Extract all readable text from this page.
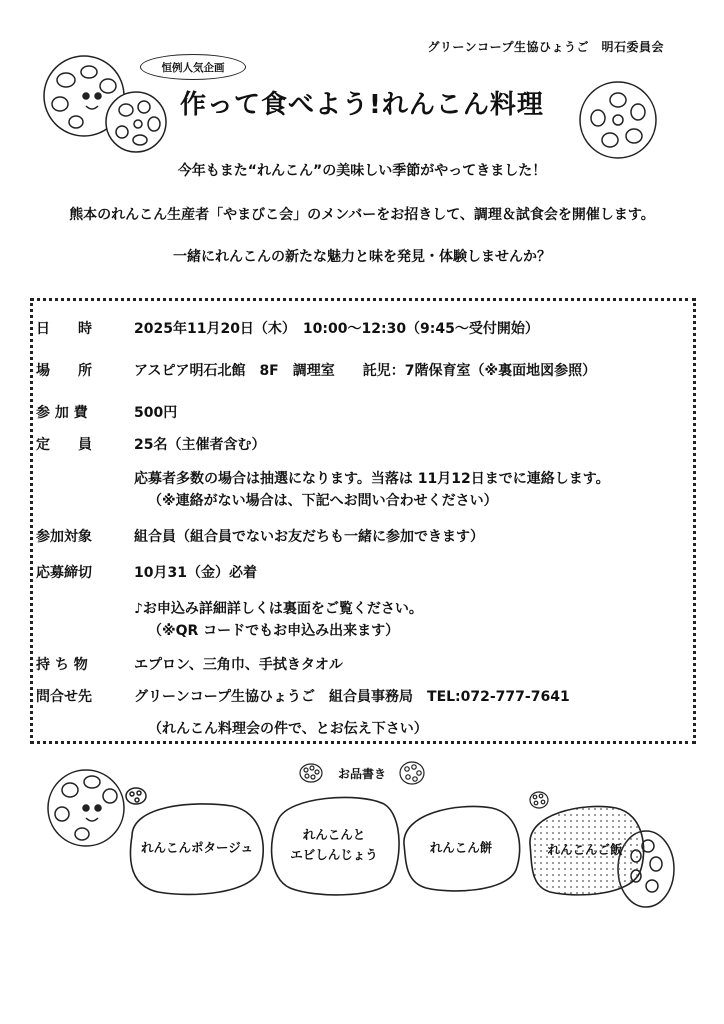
グリーンコープ生協ひょうご　明石委員会
恒例人気企画
作って食べよう!れんこん料理
今年もまた“れんこん”の美味しい季節がやってきました！
熊本のれんこん生産者「やまびこ会」のメンバーをお招きして、調理＆試食会を開催します。
一緒にれんこんの新たな魅力と味を発見・体験しませんか？
日　　時	2025年11月20日（木）　10:00〜12:30（9:45〜受付開始）
場　　所	アスピア明石北館　8F　調理室　　託児：7階保育室（※裏面地図参照）
参 加 費	500円
定　　員	25名（主催者含む）
応募者多数の場合は抽選になります。当落は 11月12日までに連絡します。
（※連絡がない場合は、下記へお問い合わせください）
参加対象	組合員（組合員でないお友だちも一緒に参加できます）
応募締切	10月31（金）必着
♪お申込み詳細詳しくは裏面をご覧ください。
（※QR コードでもお申込み出来ます）
持 ち 物	エプロン、三角巾、手拭きタオル
問合せ先	グリーンコープ生協ひょうご　組合員事務局　TEL:072-777-7641
（れんこん料理会の件で、とお伝え下さい）
お品書き
れんこんポタージュ
れんこんと
エビしんじょう	れんこん餅	れんこんご飯
